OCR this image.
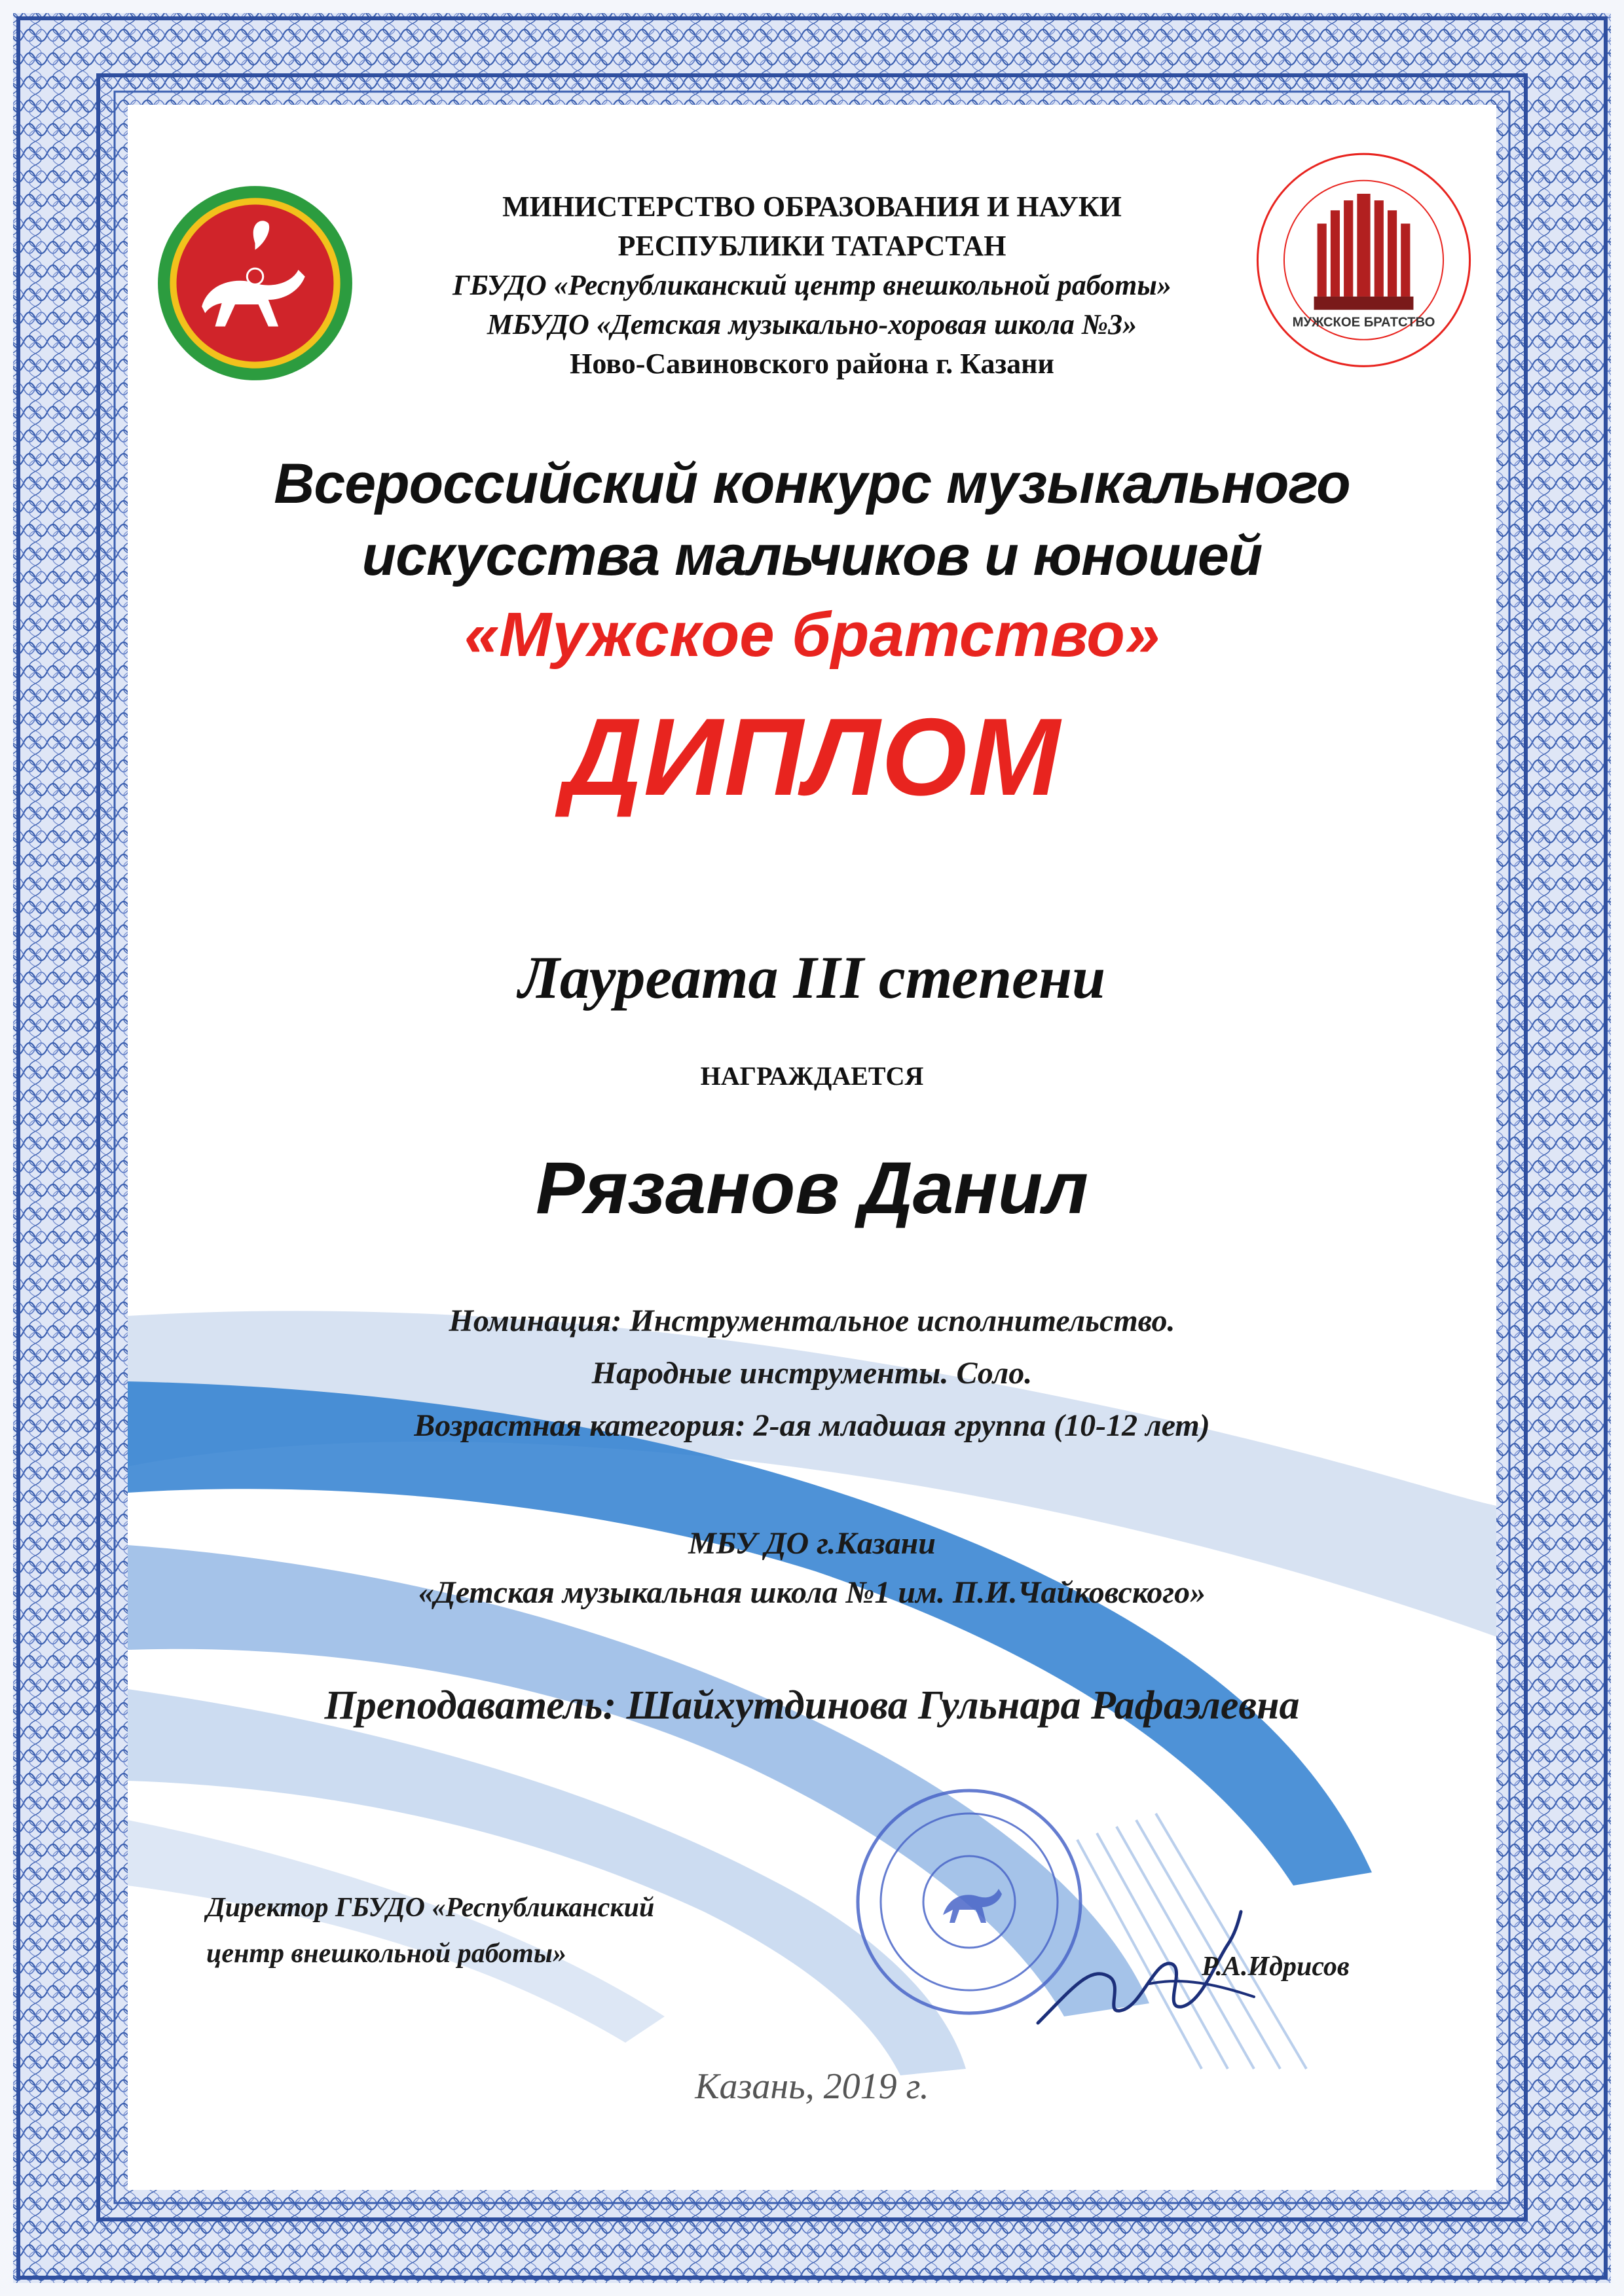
МУЖСКОЕ БРАТСТВО
МИНИСТЕРСТВО ОБРАЗОВАНИЯ И НАУКИ
РЕСПУБЛИКИ ТАТАРСТАН
ГБУДО «Республиканский центр внешкольной работы»
МБУДО «Детская музыкально-хоровая школа №3»
Ново-Савиновского района г. Казани
Всероссийский конкурс музыкального
искусства мальчиков и юношей
«Мужское братство»
ДИПЛОМ
Лауреата III степени
НАГРАЖДАЕТСЯ
Рязанов Данил
Номинация: Инструментальное исполнительство.
Народные инструменты. Соло.
Возрастная категория: 2-ая младшая группа (10-12 лет)
МБУ ДО г.Казани
«Детская музыкальная школа №1 им. П.И.Чайковского»
Преподаватель: Шайхутдинова Гульнара Рафаэлевна
Директор ГБУДО «Республиканский
центр внешкольной работы»	Р.А.Идрисов
Казань, 2019 г.
